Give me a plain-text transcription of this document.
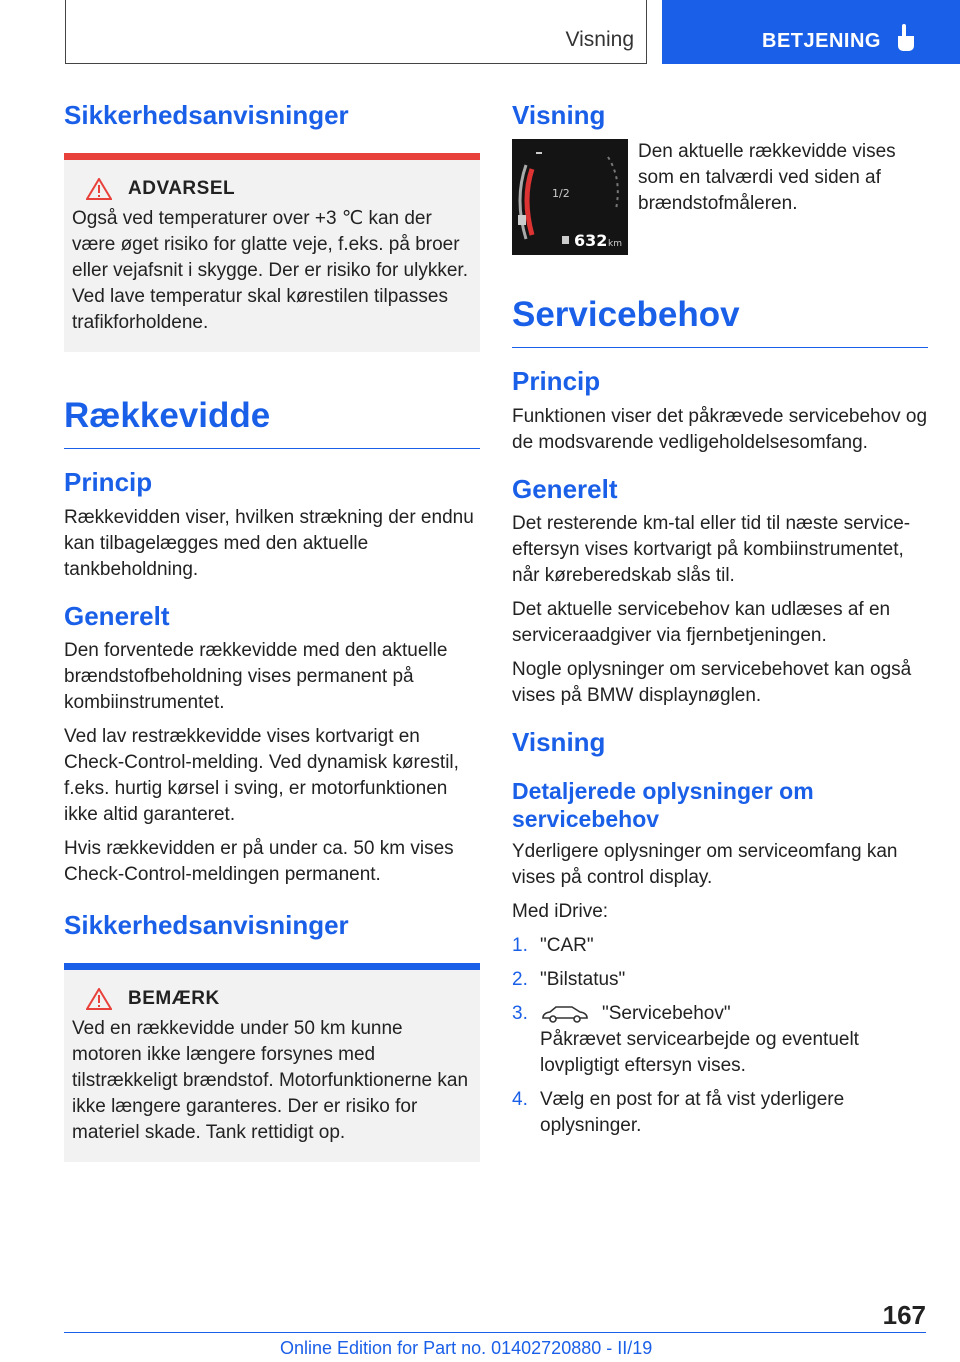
Visning	BETJENING
Sikkerhedsanvisninger
ADVARSEL

Også ved temperaturer over +3 ℃ kan der være øget risiko for glatte veje, f.eks. på broer eller vejafsnit i skygge. Der er risiko for ulykker. Ved lave temperatur skal kørestilen tilpasses trafikforholdene.

Rækkevidde
Princip

Rækkevidden viser, hvilken strækning der endnu kan tilbagelægges med den aktuelle tankbeholdning.

Generelt

Den forventede rækkevidde med den aktuelle brændstofbeholdning vises permanent på kombiinstrumentet.

Ved lav restrækkevidde vises kortvarigt en Check-Control-melding. Ved dynamisk kørestil, f.eks. hurtig kørsel i sving, er motorfunktionen ikke altid garanteret.

Hvis rækkevidden er på under ca. 50 km vises Check-Control-meldingen permanent.

Sikkerhedsanvisninger
BEMÆRK

Ved en rækkevidde under 50 km kunne motoren ikke længere forsynes med tilstrækkeligt brændstof. Motorfunktionerne kan ikke længere garanteres. Der er risiko for materiel skade. Tank rettidigt op.

Visning
1/2
632 km

Den aktuelle rækkevidde vises som en talværdi ved siden af brændstofmåleren.

Servicebehov
Princip

Funktionen viser det påkrævede servicebehov og de modsvarende vedligeholdelsesomfang.

Generelt

Det resterende km-tal eller tid til næste service-eftersyn vises kortvarigt på kombiinstrumentet, når køreberedskab slås til.

Det aktuelle servicebehov kan udlæses af en serviceraadgiver via fjernbetjeningen.

Nogle oplysninger om servicebehovet kan også vises på BMW displaynøglen.

Visning
Detaljerede oplysninger om servicebehov

Yderligere oplysninger om serviceomfang kan vises på control display.

Med iDrive:

1. "CAR"
2. "Bilstatus"
3.	"Servicebehov"
Påkrævet servicearbejde og eventuelt lovpligtigt eftersyn vises.
4. Vælg en post for at få vist yderligere oplysninger.
167
Online Edition for Part no. 01402720880 - II/19
